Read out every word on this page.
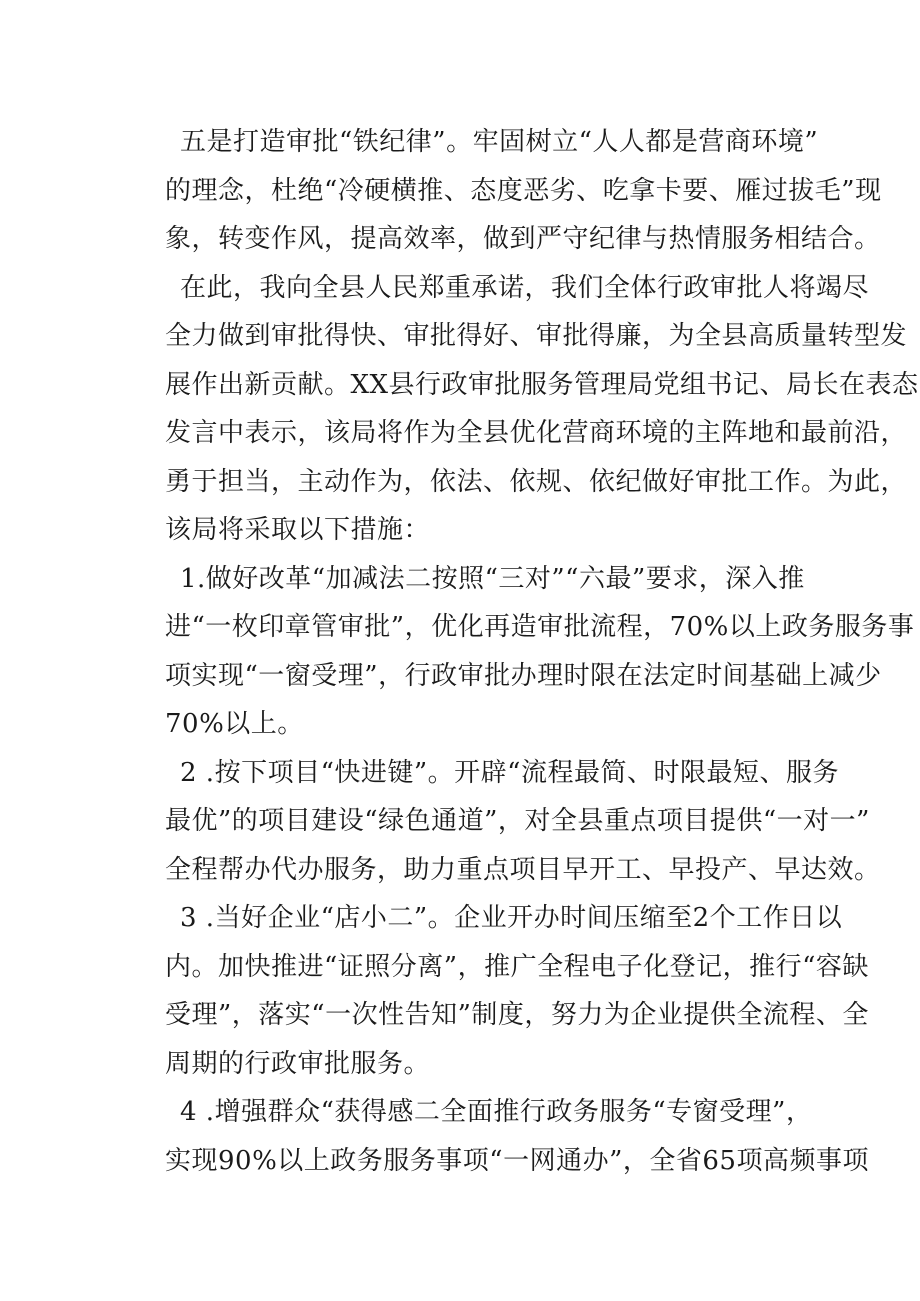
五是打造审批“铁纪律”。牢固树立“人人都是营商环境”
的理念，杜绝“冷硬横推、态度恶劣、吃拿卡要、雁过拔毛”现
象，转变作风，提高效率，做到严守纪律与热情服务相结合。
在此，我向全县人民郑重承诺，我们全体行政审批人将竭尽
全力做到审批得快、审批得好、审批得廉，为全县高质量转型发
展作出新贡献。XX县行政审批服务管理局党组书记、局长在表态
发言中表示，该局将作为全县优化营商环境的主阵地和最前沿，
勇于担当，主动作为，依法、依规、依纪做好审批工作。为此，
该局将采取以下措施：
1.做好改革“加减法二按照“三对”“六最”要求，深入推
进“一枚印章管审批”，优化再造审批流程，70%以上政务服务事
项实现“一窗受理”，行政审批办理时限在法定时间基础上减少
70%以上。
2 .按下项目“快进键”。开辟“流程最简、时限最短、服务
最优”的项目建设“绿色通道”，对全县重点项目提供“一对一”
全程帮办代办服务，助力重点项目早开工、早投产、早达效。
3 .当好企业“店小二”。企业开办时间压缩至2个工作日以
内。加快推进“证照分离”，推广全程电子化登记，推行“容缺
受理”，落实“一次性告知”制度，努力为企业提供全流程、全
周期的行政审批服务。
4 .增强群众“获得感二全面推行政务服务“专窗受理”，
实现90%以上政务服务事项“一网通办”，全省65项高频事项
